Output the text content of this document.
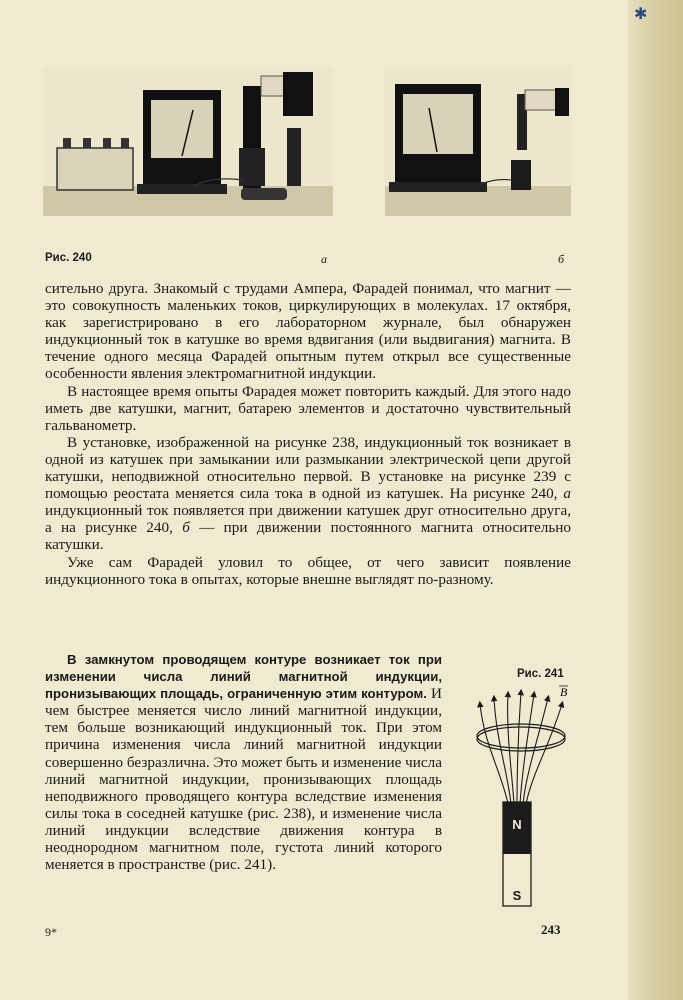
✱
Рис. 240	а	б

сительно друга. Знакомый с трудами Ампера, Фарадей понимал, что магнит — это совокупность маленьких токов, циркулирующих в молекулах. 17 октября, как зарегистрировано в его лабораторном журнале, был обнаружен индукционный ток в катушке во время вдвигания (или выдвигания) магнита. В течение одного месяца Фарадей опытным путем открыл все существенные особенности явления электромагнитной индукции.

В настоящее время опыты Фарадея может повторить каждый. Для этого надо иметь две катушки, магнит, батарею элементов и достаточно чувствительный гальванометр.

В установке, изображенной на рисунке 238, индукционный ток возникает в одной из катушек при замыкании или размыкании электрической цепи другой катушки, неподвижной относительно первой. В установке на рисунке 239 с помощью реостата меняется сила тока в одной из катушек. На рисунке 240, а индукционный ток появляется при движении катушек друг относительно друга, а на рисунке 240, б — при движении постоянного магнита относительно катушки.

Уже сам Фарадей уловил то общее, от чего зависит появление индукционного тока в опытах, которые внешне выглядят по-разному.

В замкнутом проводящем контуре возникает ток при изменении числа линий магнитной индукции, пронизывающих площадь, ограниченную этим контуром. И чем быстрее меняется число линий магнитной индукции, тем больше возникающий индукционный ток. При этом причина изменения числа линий магнитной индукции совершенно безразлична. Это может быть и изменение числа линий магнитной индукции, пронизывающих площадь неподвижного проводящего контура вследствие изменения силы тока в соседней катушке (рис. 238), и изменение числа линий индукции вследствие движения контура в неоднородном магнитном поле, густота линий которого меняется в пространстве (рис. 241).

Рис. 241
B
N
S
9*	243
